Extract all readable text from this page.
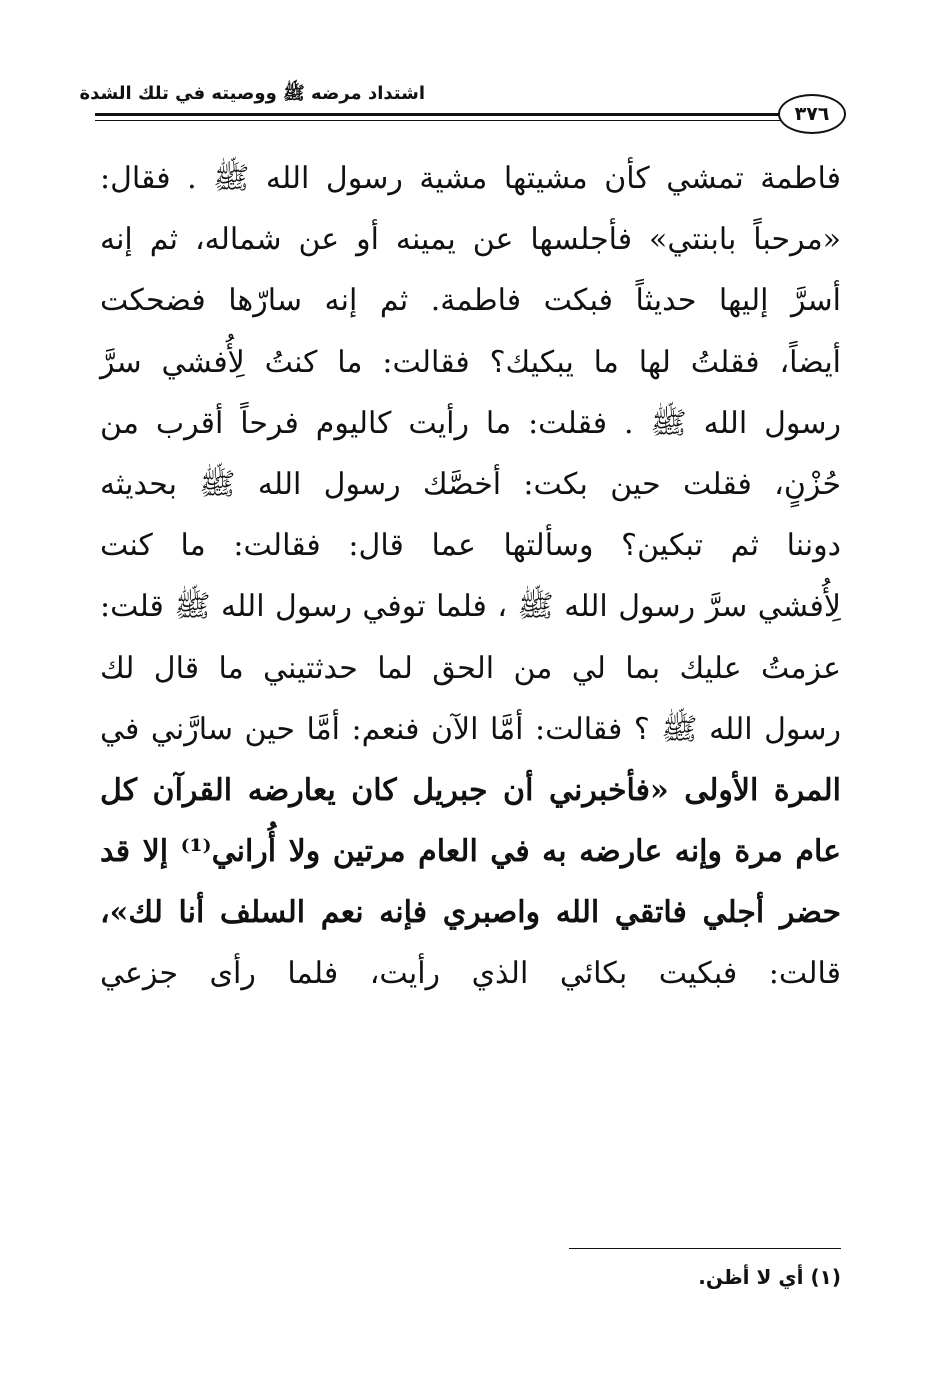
اشتداد مرضه ﷺ ووصيته في تلك الشدة
٣٧٦
فاطمة تمشي كأن مشيتها مشية رسول الله ﷺ . فقال:
«مرحباً بابنتي» فأجلسها عن يمينه أو عن شماله، ثم إنه
أسرَّ إليها حديثاً فبكت فاطمة. ثم إنه سارّها فضحكت
أيضاً، فقلتُ لها ما يبكيك؟ فقالت: ما كنتُ لِأُفشي سرَّ
رسول الله ﷺ . فقلت: ما رأيت كاليوم فرحاً أقرب من
حُزْنٍ، فقلت حين بكت: أخصَّك رسول الله ﷺ بحديثه
دوننا ثم تبكين؟ وسألتها عما قال: فقالت: ما كنت
لِأُفشي سرَّ رسول الله ﷺ ، فلما توفي رسول الله ﷺ قلت:
عزمتُ عليك بما لي من الحق لما حدثتيني ما قال لك
رسول الله ﷺ ؟ فقالت: أمَّا الآن فنعم: أمَّا حين سارَّني في
المرة الأولى «فأخبرني أن جبريل كان يعارضه القرآن كل
عام مرة وإنه عارضه به في العام مرتين ولا أُراني⁽¹⁾ إلا قد
حضر أجلي فاتقي الله واصبري فإنه نعم السلف أنا لك»،
قالت: فبكيت بكائي الذي رأيت، فلما رأى جزعي
(١) أي لا أظن.
